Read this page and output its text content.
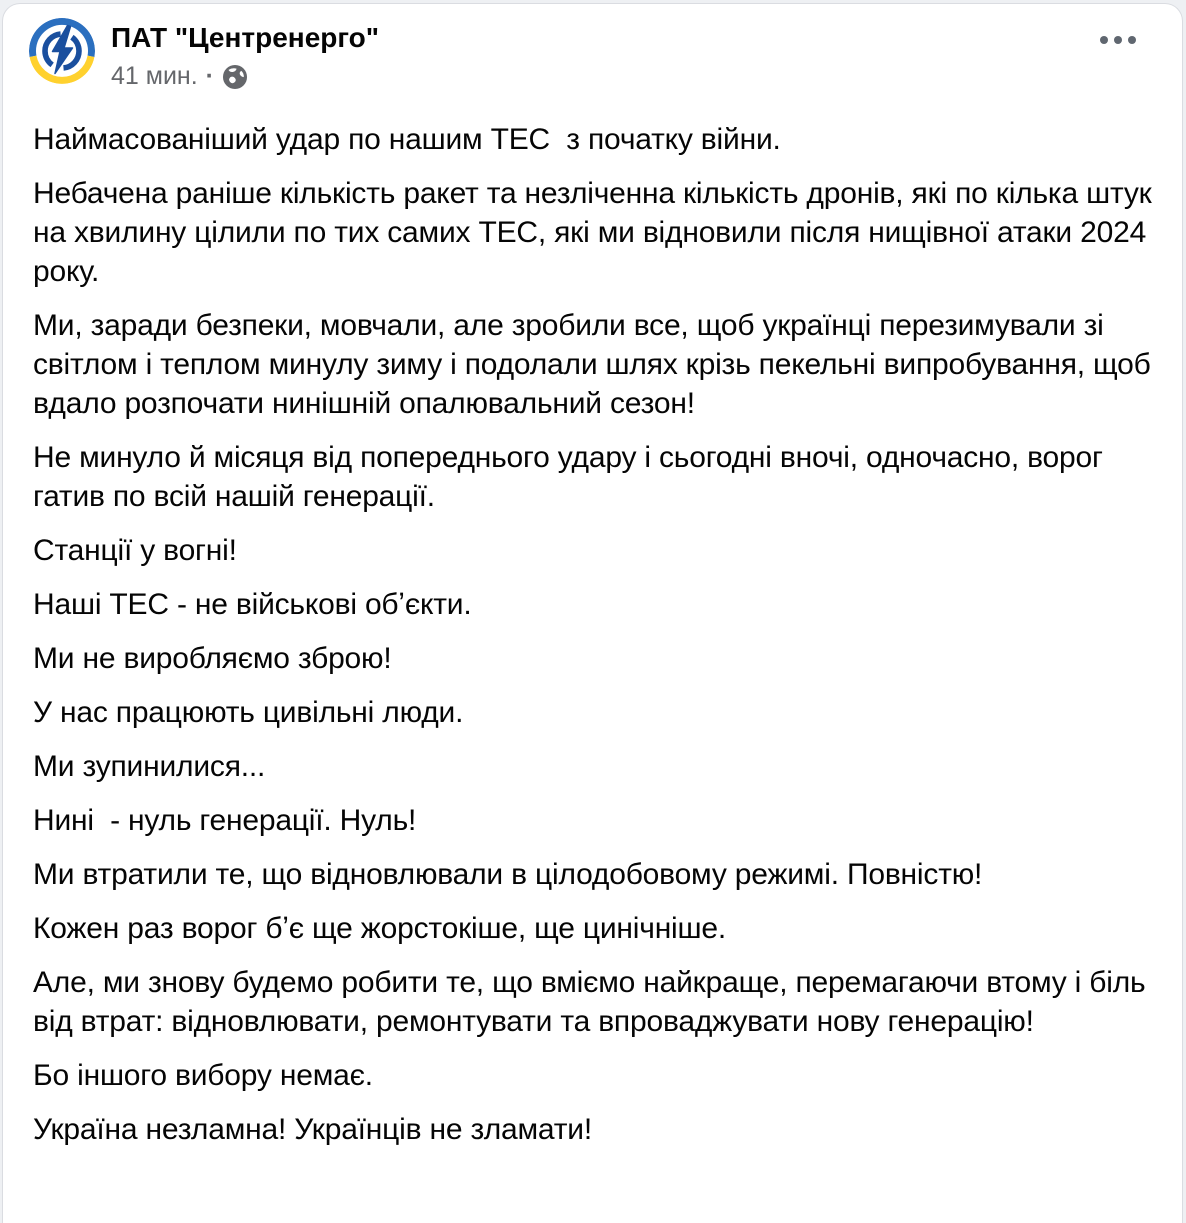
ПАТ "Центренерго"
41 мин. ·

Наймасованіший удар по нашим ТЕС  з початку війни.

Небачена раніше кількість ракет та незліченна кількість дронів, які по кілька штук на хвилину цілили по тих самих ТЕС, які ми відновили після нищівної атаки 2024 року.

Ми, заради безпеки, мовчали, але зробили все, щоб українці перезимували зі світлом і теплом минулу зиму і подолали шлях крізь пекельні випробування, щоб вдало розпочати нинішній опалювальний сезон!

Не минуло й місяця від попереднього удару і сьогодні вночі, одночасно, ворог гатив по всій нашій генерації.

Станції у вогні!

Наші ТЕС - не військові обʼєкти.

Ми не виробляємо зброю!

У нас працюють цивільні люди.

Ми зупинилися...

Нині  - нуль генерації. Нуль!

Ми втратили те, що відновлювали в цілодобовому режимі. Повністю!

Кожен раз ворог бʼє ще жорстокіше, ще цинічніше.

Але, ми знову будемо робити те, що вміємо найкраще, перемагаючи втому і біль від втрат: відновлювати, ремонтувати та впроваджувати нову генерацію!

Бо іншого вибору немає.

Україна незламна! Українців не зламати!
